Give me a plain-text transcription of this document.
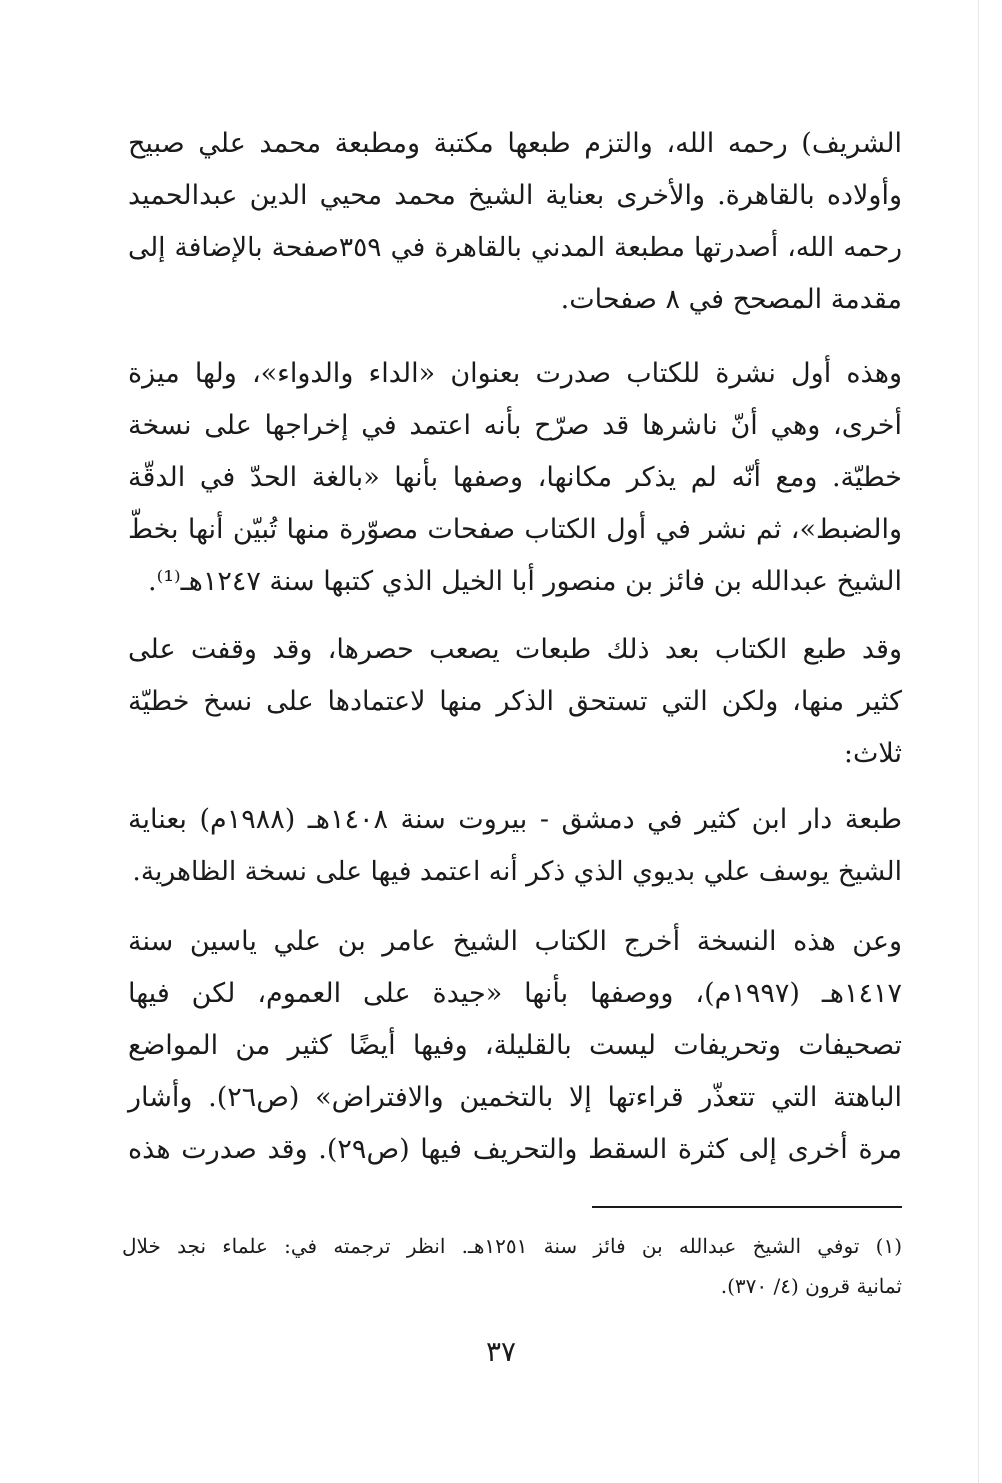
الشريف) رحمه الله، والتزم طبعها مكتبة ومطبعة محمد علي صبيح
وأولاده بالقاهرة. والأخرى بعناية الشيخ محمد محيي الدين عبدالحميد
رحمه الله، أصدرتها مطبعة المدني بالقاهرة في ٣٥٩صفحة بالإضافة إلى
مقدمة المصحح في ٨ صفحات.
وهذه أول نشرة للكتاب صدرت بعنوان «الداء والدواء»، ولها ميزة
أخرى، وهي أنّ ناشرها قد صرّح بأنه اعتمد في إخراجها على نسخة
خطيّة. ومع أنّه لم يذكر مكانها، وصفها بأنها «بالغة الحدّ في الدقّة
والضبط»، ثم نشر في أول الكتاب صفحات مصوّرة منها تُبيّن أنها بخطّ
الشيخ عبدالله بن فائز بن منصور أبا الخيل الذي كتبها سنة ١٢٤٧هـ⁽¹⁾.
وقد طبع الكتاب بعد ذلك طبعات يصعب حصرها، وقد وقفت على
كثير منها، ولكن التي تستحق الذكر منها لاعتمادها على نسخ خطيّة
ثلاث:
طبعة دار ابن كثير في دمشق - بيروت سنة ١٤٠٨هـ (١٩٨٨م) بعناية
الشيخ يوسف علي بديوي الذي ذكر أنه اعتمد فيها على نسخة الظاهرية.
وعن هذه النسخة أخرج الكتاب الشيخ عامر بن علي ياسين سنة
١٤١٧هـ (١٩٩٧م)، ووصفها بأنها «جيدة على العموم، لكن فيها
تصحيفات وتحريفات ليست بالقليلة، وفيها أيضًا كثير من المواضع
الباهتة التي تتعذّر قراءتها إلا بالتخمين والافتراض» (ص٢٦). وأشار
مرة أخرى إلى كثرة السقط والتحريف فيها (ص٢٩). وقد صدرت هذه
(١) توفي الشيخ عبدالله بن فائز سنة ١٢٥١هـ. انظر ترجمته في: علماء نجد خلال
ثمانية قرون (٤/ ٣٧٠).
٣٧
